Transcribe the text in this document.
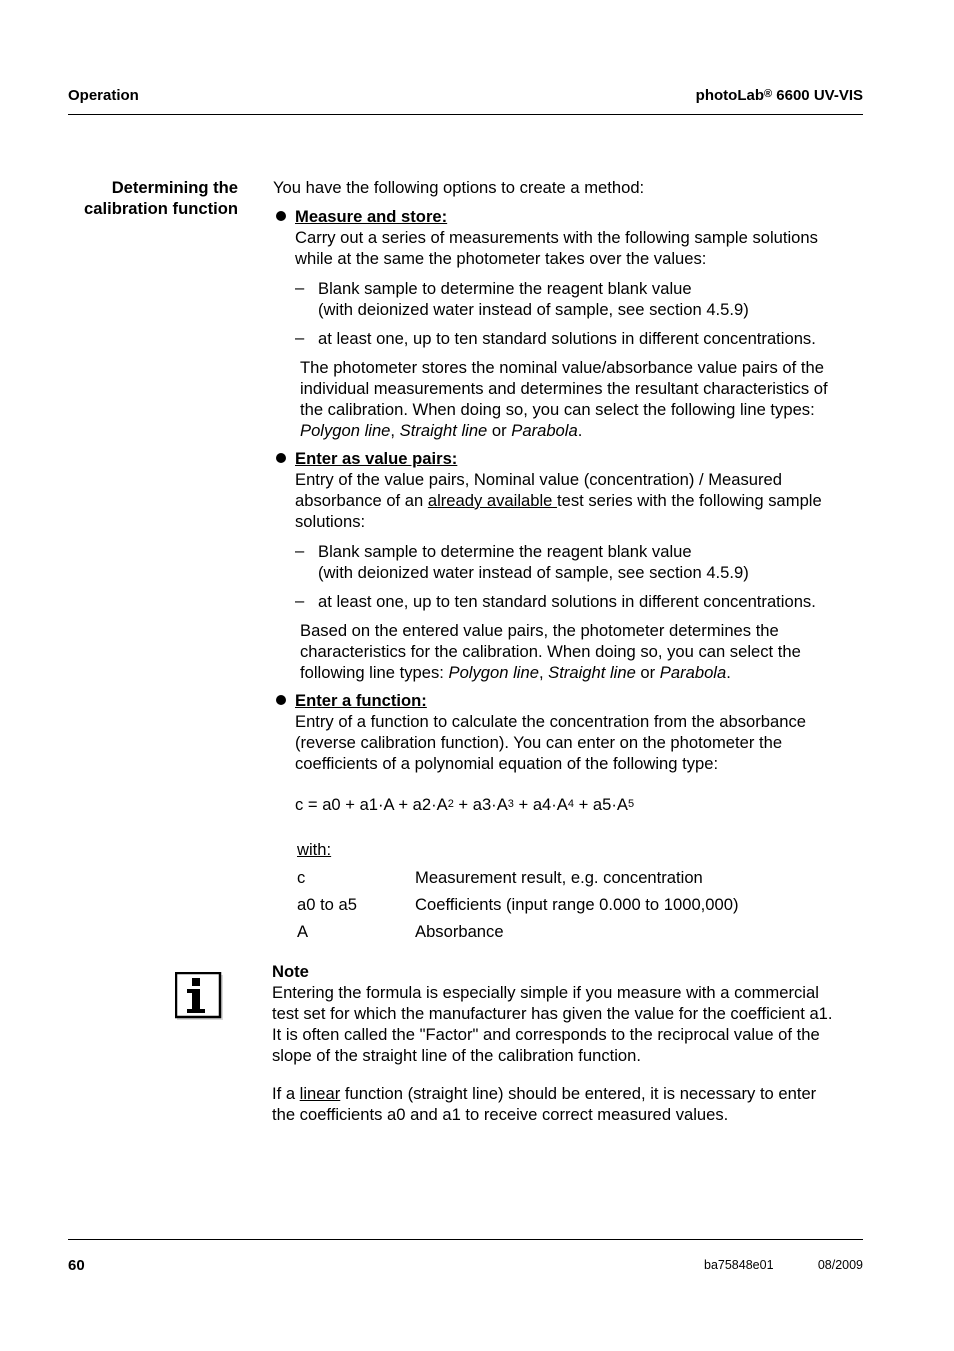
Operation	photoLab® 6600 UV-VIS
Determining the
calibration function
You have the following options to create a method:
Measure and store:
Carry out a series of measurements with the following sample solutions
while at the same the photometer takes over the values:
– Blank sample to determine the reagent blank value
(with deionized water instead of sample, see section 4.5.9)
– at least one, up to ten standard solutions in different concentrations.
The photometer stores the nominal value/absorbance value pairs of the
individual measurements and determines the resultant characteristics of
the calibration. When doing so, you can select the following line types:
Polygon line, Straight line or Parabola.
Enter as value pairs:
Entry of the value pairs, Nominal value (concentration) / Measured
absorbance of an already available test series with the following sample
solutions:
– Blank sample to determine the reagent blank value
(with deionized water instead of sample, see section 4.5.9)
– at least one, up to ten standard solutions in different concentrations.
Based on the entered value pairs, the photometer determines the
characteristics for the calibration. When doing so, you can select the
following line types: Polygon line, Straight line or Parabola.
Enter a function:
Entry of a function to calculate the concentration from the absorbance
(reverse calibration function). You can enter on the photometer the
coefficients of a polynomial equation of the following type:
$c = a0 + a1\cdot A + a2\cdot A^2 + a3\cdot A^3 + a4\cdot A^4 + a5\cdot A^5$
with:
c	Measurement result, e.g. concentration
a0 to a5	Coefficients (input range 0.000 to 1000,000)
A	Absorbance
Note
Entering the formula is especially simple if you measure with a commercial
test set for which the manufacturer has given the value for the coefficient a1.
It is often called the "Factor" and corresponds to the reciprocal value of the
slope of the straight line of the calibration function.
If a linear function (straight line) should be entered, it is necessary to enter
the coefficients a0 and a1 to receive correct measured values.
60	ba75848e01	08/2009
